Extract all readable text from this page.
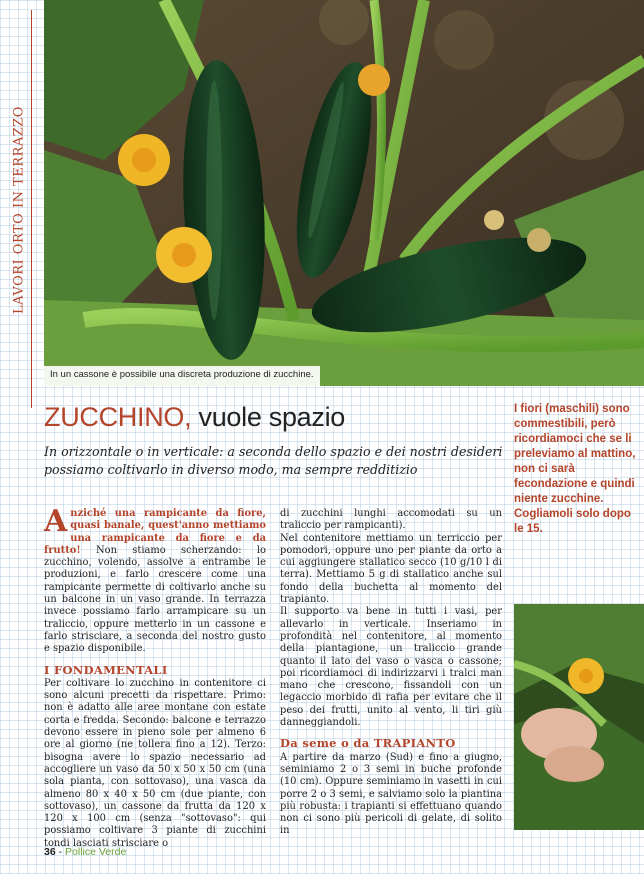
LAVORI ORTO IN TERRAZZO
In un cassone è possibile una discreta produzione di zucchine.
ZUCCHINO, vuole spazio
In orizzontale o in verticale: a seconda dello spazio e dei nostri desideri possiamo coltivarlo in diverso modo, ma sempre redditizio
I fiori (maschili) sono commestibili, però ricordiamoci che se li preleviamo al mattino, non ci sarà fecondazione e quindi niente zucchine. Cogliamoli solo dopo le 15.

Anziché una rampicante da fiore, quasi banale, quest'anno mettiamo una rampicante da fiore e da frutto! Non stiamo scherzando: lo zucchino, volendo, assolve a entrambe le produzioni, e farlo crescere come una rampicante permette di coltivarlo anche su un balcone in un vaso grande. In terrazza invece possiamo farlo arrampicare su un traliccio, oppure metterlo in un cassone e farlo strisciare, a seconda del nostro gusto e spazio disponibile.

I FONDAMENTALI

Per coltivare lo zucchino in contenitore ci sono alcuni precetti da rispettare. Primo: non è adatto alle aree montane con estate corta e fredda. Secondo: balcone e terrazzo devono essere in pieno sole per almeno 6 ore al giorno (ne tollera fino a 12). Terzo: bisogna avere lo spazio necessario ad accogliere un vaso da 50 x 50 x 50 cm (una sola pianta, con sottovaso), una vasca da almeno 80 x 40 x 50 cm (due piante, con sottovaso), un cassone da frutta da 120 x 120 x 100 cm (senza "sottovaso": qui possiamo coltivare 3 piante di zucchini tondi lasciati strisciare o

di zucchini lunghi accomodati su un traliccio per rampicanti).

Nel contenitore mettiamo un terriccio per pomodori, oppure uno per piante da orto a cui aggiungere stallatico secco (10 g/10 l di terra). Mettiamo 5 g di stallatico anche sul fondo della buchetta al momento del trapianto.

Il supporto va bene in tutti i vasi, per allevarlo in verticale. Inseriamo in profondità nel contenitore, al momento della piantagione, un traliccio grande quanto il lato del vaso o vasca o cassone; poi ricordiamoci di indirizzarvi i tralci man mano che crescono, fissandoli con un legaccio morbido di rafia per evitare che il peso dei frutti, unito al vento, li tiri giù danneggiandoli.

Da seme o da TRAPIANTO

A partire da marzo (Sud) e fino a giugno, seminiamo 2 o 3 semi in buche profonde (10 cm). Oppure seminiamo in vasetti in cui porre 2 o 3 semi, e salviamo solo la piantina più robusta: i trapianti si effettuano quando non ci sono più pericoli di gelate, di solito in

36 - Pollice Verde
